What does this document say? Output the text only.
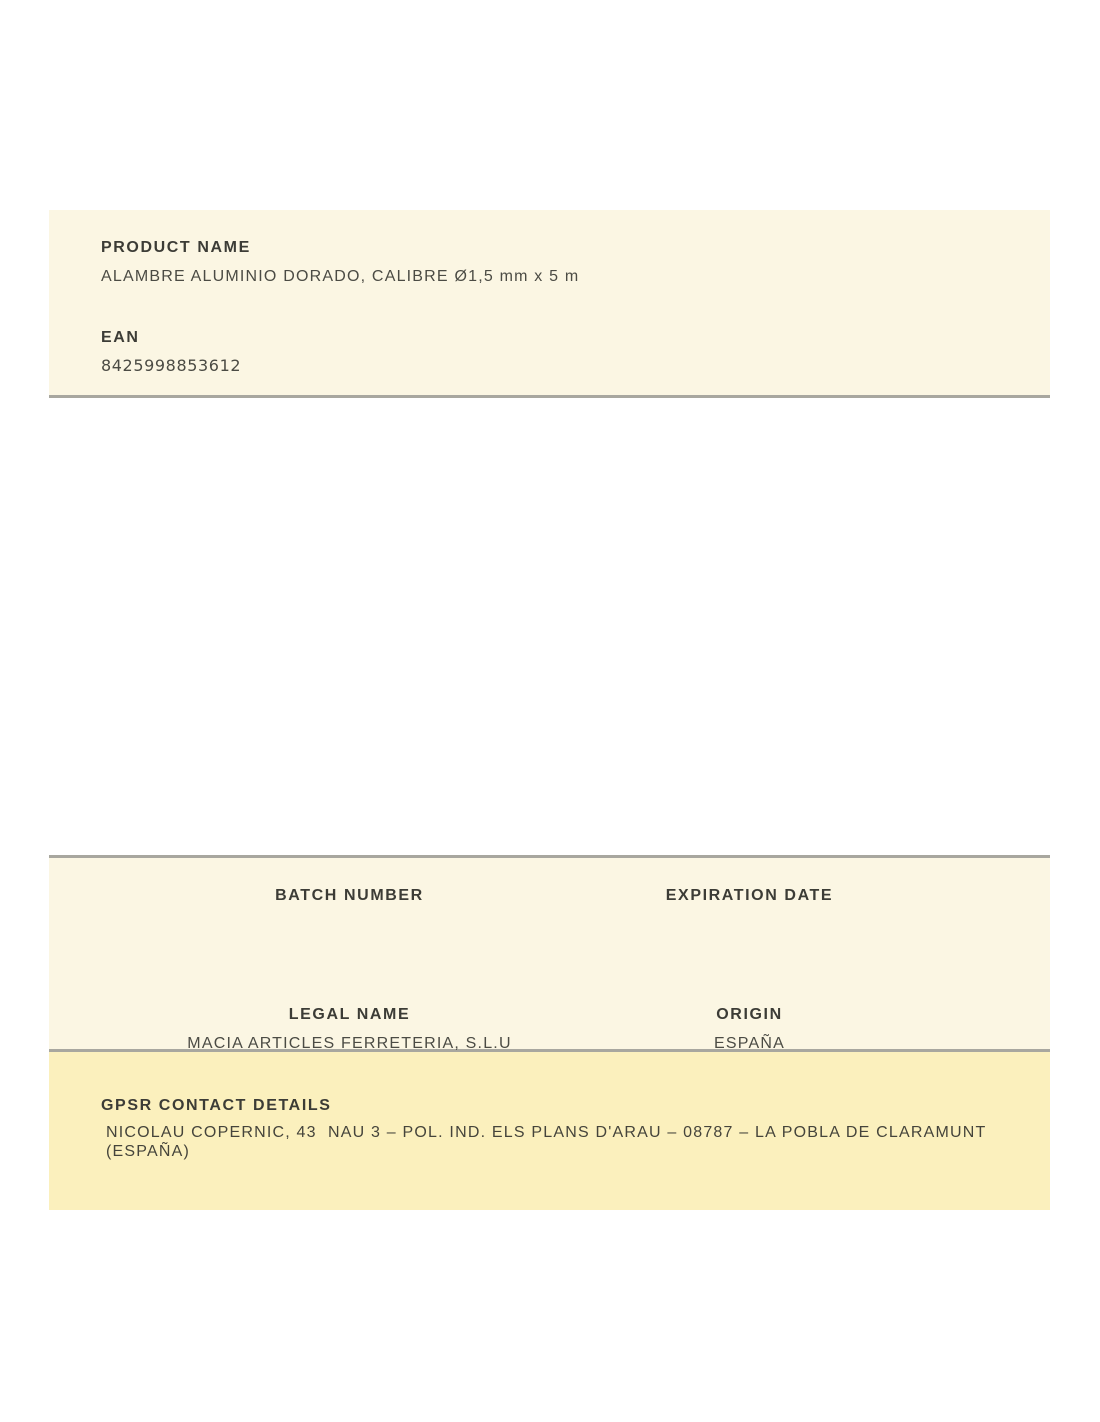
PRODUCT NAME
ALAMBRE ALUMINIO DORADO, CALIBRE Ø1,5 mm x 5 m
EAN
8425998853612
BATCH NUMBER	EXPIRATION DATE
LEGAL NAME
MACIA ARTICLES FERRETERIA, S.L.U
ORIGIN
ESPAÑA
GPSR CONTACT DETAILS
NICOLAU COPERNIC, 43  NAU 3 – POL. IND. ELS PLANS D'ARAU – 08787 – LA POBLA DE CLARAMUNT (ESPAÑA)
